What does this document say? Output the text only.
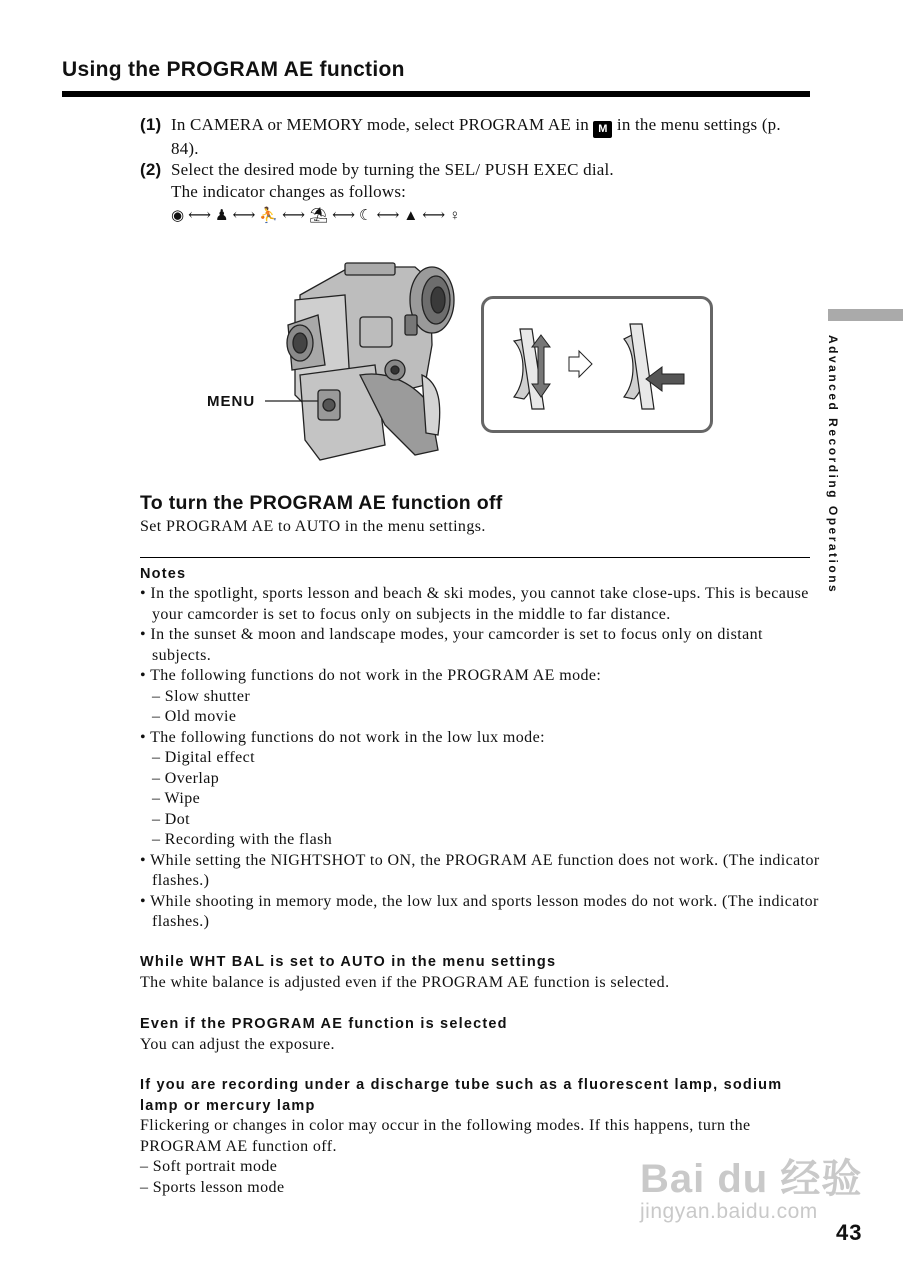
Using the PROGRAM AE function
(1) In CAMERA or MEMORY mode, select PROGRAM AE in M in the menu settings (p. 84).
(2) Select the desired mode by turning the SEL/ PUSH EXEC dial.
The indicator changes as follows:
◉ ⟷ ♟ ⟷ ⛹ ⟷ ⛱ ⟷ ☾ ⟷ ▲ ⟷ ♀
MENU	Advanced Recording Operations
To turn the PROGRAM AE function off
Set PROGRAM AE to AUTO in the menu settings.
Notes
• In the spotlight, sports lesson and beach & ski modes, you cannot take close-ups. This is because your camcorder is set to focus only on subjects in the middle to far distance.
• In the sunset & moon and landscape modes, your camcorder is set to focus only on distant subjects.
• The following functions do not work in the PROGRAM AE mode:
– Slow shutter
– Old movie
• The following functions do not work in the low lux mode:
– Digital effect
– Overlap
– Wipe
– Dot
– Recording with the flash
• While setting the NIGHTSHOT to ON, the PROGRAM AE function does not work. (The indicator flashes.)
• While shooting in memory mode, the low lux and sports lesson modes do not work. (The indicator flashes.)
While WHT BAL is set to AUTO in the menu settings
The white balance is adjusted even if the PROGRAM AE function is selected.
Even if the PROGRAM AE function is selected
You can adjust the exposure.
If you are recording under a discharge tube such as a fluorescent lamp, sodium lamp or mercury lamp
Flickering or changes in color may occur in the following modes. If this happens, turn the PROGRAM AE function off.
– Soft portrait mode
– Sports lesson mode	Bai du 经验
jingyan.baidu.com
43
